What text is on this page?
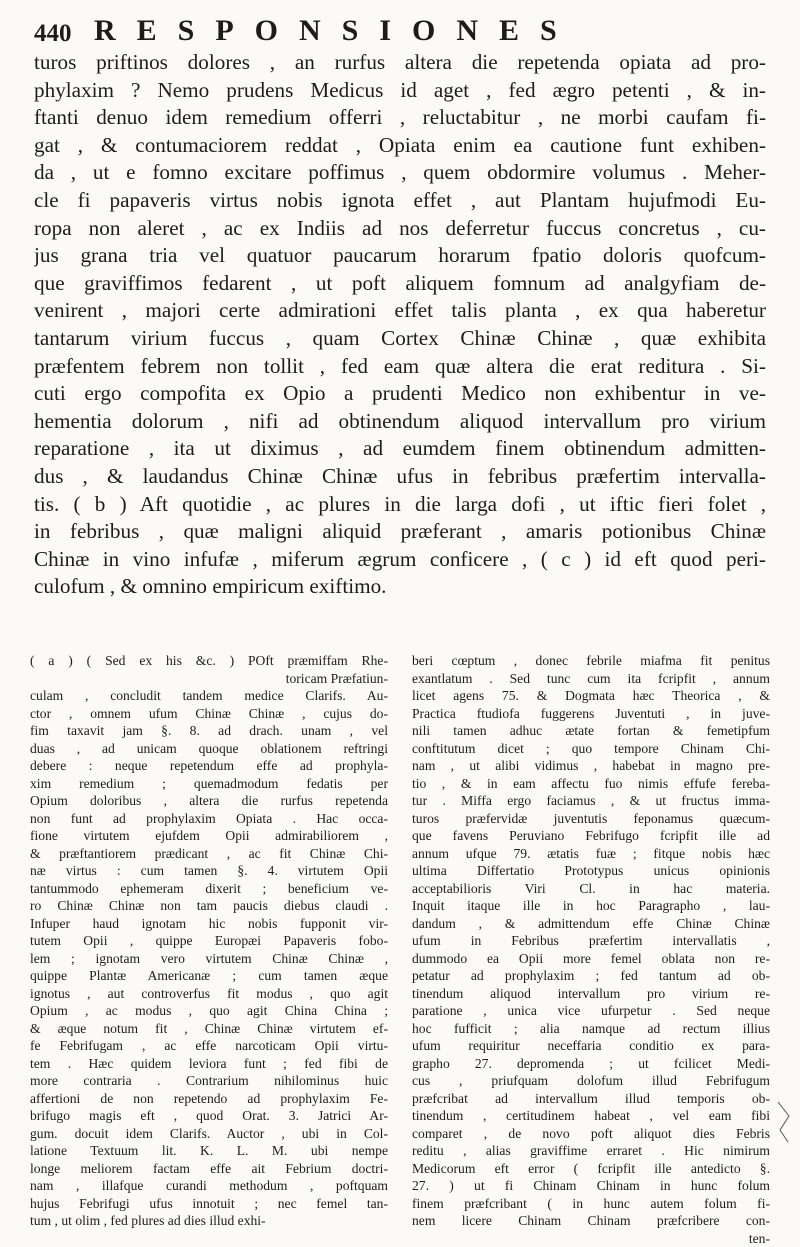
440 RESPONSIONES
turos priftinos dolores , an rurfus altera die repetenda opiata ad pro-
phylaxim ? Nemo prudens Medicus id aget , fed ægro petenti , & in-
ftanti denuo idem remedium offerri , reluctabitur , ne morbi caufam fi-
gat , & contumaciorem reddat , Opiata enim ea cautione funt exhiben-
da , ut e fomno excitare poffimus , quem obdormire volumus . Meher-
cle fi papaveris virtus nobis ignota effet , aut Plantam hujufmodi Eu-
ropa non aleret , ac ex Indiis ad nos deferretur fuccus concretus , cu-
jus grana tria vel quatuor paucarum horarum fpatio doloris quofcum-
que graviffimos fedarent , ut poft aliquem fomnum ad analgyfiam de-
venirent , majori certe admirationi effet talis planta , ex qua haberetur
tantarum virium fuccus , quam Cortex Chinæ Chinæ , quæ exhibita
præfentem febrem non tollit , fed eam quæ altera die erat reditura . Si-
cuti ergo compofita ex Opio a prudenti Medico non exhibentur in ve-
hementia dolorum , nifi ad obtinendum aliquod intervallum pro virium
reparatione , ita ut diximus , ad eumdem finem obtinendum admitten-
dus , & laudandus Chinæ Chinæ ufus in febribus præfertim intervalla-
tis. ( b ) Aft quotidie , ac plures in die larga dofi , ut iftic fieri folet ,
in febribus , quæ maligni aliquid præferant , amaris potionibus Chinæ
Chinæ in vino infufæ , miferum ægrum conficere , ( c ) id eft quod peri-
culofum , & omnino empiricum exiftimo.
( a ) ( Sed ex his &c. ) POft præmiffam Rhe-
toricam Præfatiun-
culam , concludit tandem medice Clarifs. Au-
ctor , omnem ufum Chinæ Chinæ , cujus do-
fim taxavit jam §. 8. ad drach. unam , vel
duas , ad unicam quoque oblationem reftringi
debere : neque repetendum effe ad prophyla-
xim remedium ; quemadmodum fedatis per
Opium doloribus , altera die rurfus repetenda
non funt ad prophylaxim Opiata . Hac occa-
fione virtutem ejufdem Opii admirabiliorem ,
& præftantiorem prædicant , ac fit Chinæ Chi-
næ virtus : cum tamen §. 4. virtutem Opii
tantummodo ephemeram dixerit ; beneficium ve-
ro Chinæ Chinæ non tam paucis diebus claudi .
Infuper haud ignotam hic nobis fupponit vir-
tutem Opii , quippe Europæi Papaveris fobo-
lem ; ignotam vero virtutem Chinæ Chinæ ,
quippe Plantæ Americanæ ; cum tamen æque
ignotus , aut controverfus fit modus , quo agit
Opium , ac modus , quo agit China China ;
& æque notum fit , Chinæ Chinæ virtutem ef-
fe Febrifugam , ac effe narcoticam Opii virtu-
tem . Hæc quidem leviora funt ; fed fibi de
more contraria . Contrarium nihilominus huic
affertioni de non repetendo ad prophylaxim Fe-
brifugo magis eft , quod Orat. 3. Jatrici Ar-
gum. docuit idem Clarifs. Auctor , ubi in Col-
latione Textuum lit. K. L. M. ubi nempe
longe meliorem factam effe ait Febrium doctri-
nam , illafque curandi methodum , poftquam
hujus Febrifugi ufus innotuit ; nec femel tan-
tum , ut olim , fed plures ad dies illud exhi-
beri cœptum , donec febrile miafma fit penitus
exantlatum . Sed tunc cum ita fcripfit , annum
licet agens 75. & Dogmata hæc Theorica , &
Practica ftudiofa fuggerens Juventuti , in juve-
nili tamen adhuc ætate fortan & femetipfum
conftitutum dicet ; quo tempore Chinam Chi-
nam , ut alibi vidimus , habebat in magno pre-
tio , & in eam affectu fuo nimis effufe fereba-
tur . Miffa ergo faciamus , & ut fructus imma-
turos præfervidæ juventutis feponamus quæcum-
que favens Peruviano Febrifugo fcripfit ille ad
annum ufque 79. ætatis fuæ ; fitque nobis hæc
ultima Differtatio Prototypus unicus opinionis
acceptabilioris Viri Cl. in hac materia.
Inquit itaque ille in hoc Paragrapho , lau-
dandum , & admittendum effe Chinæ Chinæ
ufum in Febribus præfertim intervallatis ,
dummodo ea Opii more femel oblata non re-
petatur ad prophylaxim ; fed tantum ad ob-
tinendum aliquod intervallum pro virium re-
paratione , unica vice ufurpetur . Sed neque
hoc fufficit ; alia namque ad rectum illius
ufum requiritur neceffaria conditio ex para-
grapho 27. depromenda ; ut fcilicet Medi-
cus , priufquam dolofum illud Febrifugum
præfcribat ad intervallum illud temporis ob-
tinendum , certitudinem habeat , vel eam fibi
comparet , de novo poft aliquot dies Febris
reditu , alias graviffime erraret . Hic nimirum
Medicorum eft error ( fcripfit ille antedicto §.
27. ) ut fi Chinam Chinam in hunc folum
finem præfcribant ( in hunc autem folum fi-
nem licere Chinam Chinam præfcribere con-
ten-
